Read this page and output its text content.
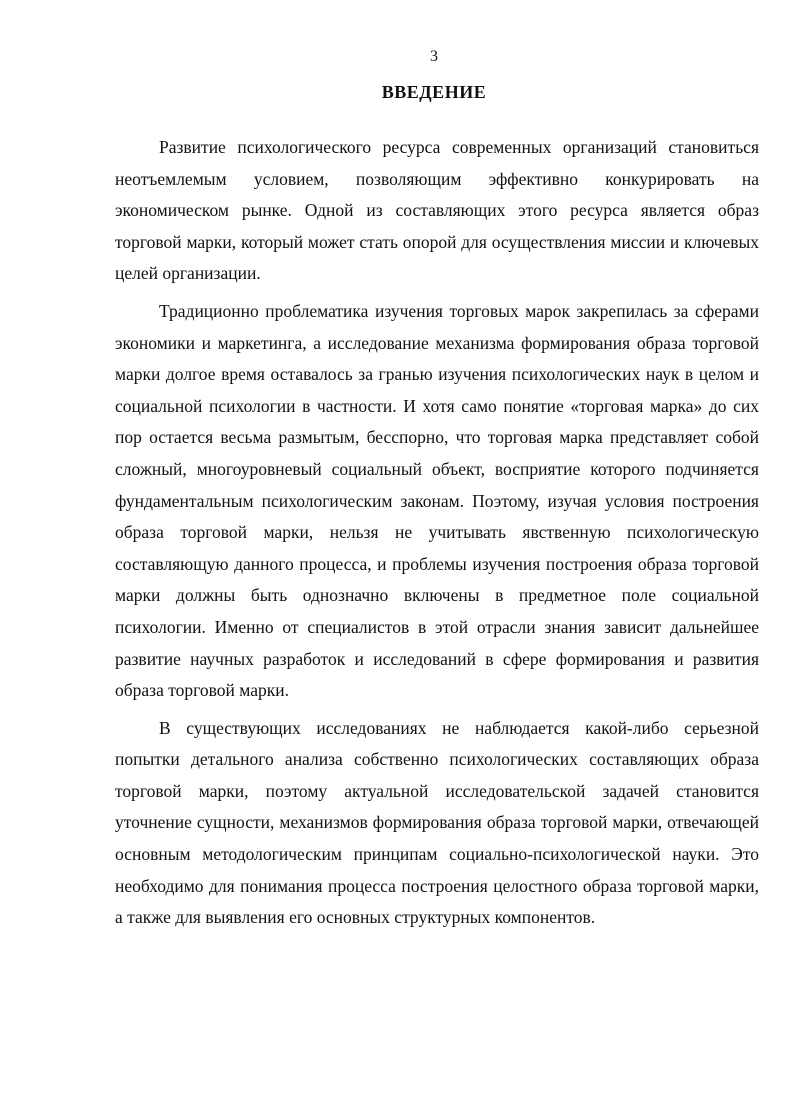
3
ВВЕДЕНИЕ

Развитие психологического ресурса современных организаций становиться неотъемлемым условием, позволяющим эффективно конкурировать на экономическом рынке. Одной из составляющих этого ресурса является образ торговой марки, который может стать опорой для осуществления миссии и ключевых целей организации.

Традиционно проблематика изучения торговых марок закрепилась за сферами экономики и маркетинга, а исследование механизма формирования образа торговой марки долгое время оставалось за гранью изучения психологических наук в целом и социальной психологии в частности. И хотя само понятие «торговая марка» до сих пор остается весьма размытым, бесспорно, что торговая марка представляет собой сложный, многоуровневый социальный объект, восприятие которого подчиняется фундаментальным психологическим законам. Поэтому, изучая условия построения образа торговой марки, нельзя не учитывать явственную психологическую составляющую данного процесса, и проблемы изучения построения образа торговой марки должны быть однозначно включены в предметное поле социальной психологии. Именно от специалистов в этой отрасли знания зависит дальнейшее развитие научных разработок и исследований в сфере формирования и развития образа торговой марки.

В существующих исследованиях не наблюдается какой-либо серьезной попытки детального анализа собственно психологических составляющих образа торговой марки, поэтому актуальной исследовательской задачей становится уточнение сущности, механизмов формирования образа торговой марки, отвечающей основным методологическим принципам социально-психологической науки. Это необходимо для понимания процесса построения целостного образа торговой марки, а также для выявления его основных структурных компонентов.
